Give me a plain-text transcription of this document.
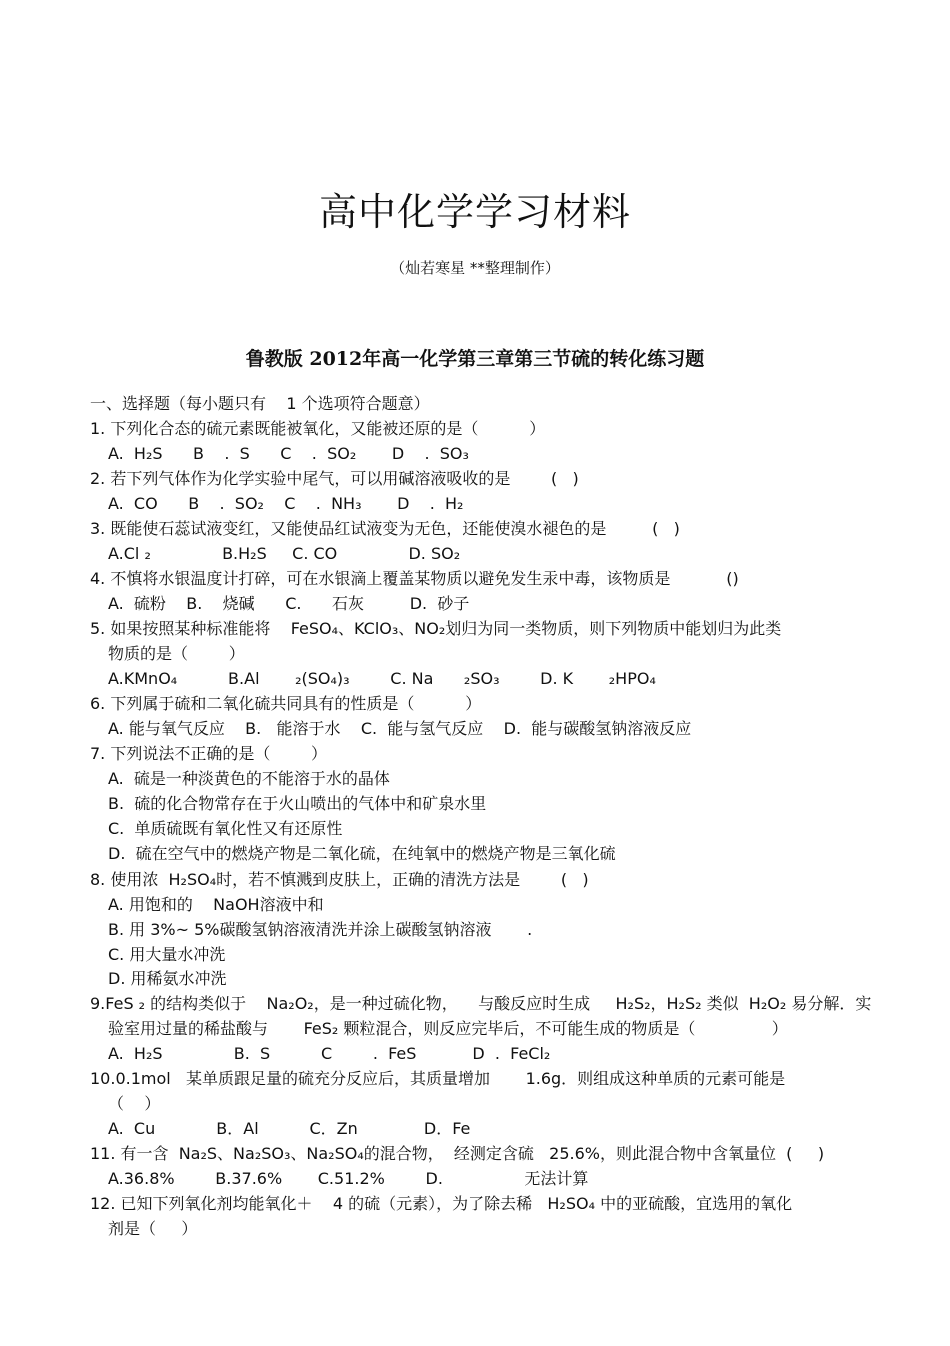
高中化学学习材料
（灿若寒星 **整理制作）
鲁教版 2012年高一化学第三章第三节硫的转化练习题
一、选择题（每小题只有    1 个选项符合题意）
1. 下列化合态的硫元素既能被氧化，又能被还原的是（          ）
A.  H₂S      B    .  S      C    .  SO₂       D    .  SO₃
2. 若下列气体作为化学实验中尾气，可以用碱溶液吸收的是        (   )
A.  CO      B    .  SO₂    C    .  NH₃       D    .  H₂
3. 既能使石蕊试液变红，又能使品红试液变为无色，还能使溴水褪色的是         (   )
A.Cl ₂              B.H₂S     C. CO              D. SO₂
4. 不慎将水银温度计打碎，可在水银滴上覆盖某物质以避免发生汞中毒，该物质是           ()
A.  硫粉    B.    烧碱      C.      石灰         D.  砂子
5. 如果按照某种标准能将    FeSO₄、KClO₃、NO₂划归为同一类物质，则下列物质中能划归为此类
物质的是（        ）
A.KMnO₄          B.Al       ₂(SO₄)₃        C. Na      ₂SO₃        D. K       ₂HPO₄
6. 下列属于硫和二氧化硫共同具有的性质是（          ）
A. 能与氧气反应    B.   能溶于水    C.  能与氢气反应    D.  能与碳酸氢钠溶液反应
7. 下列说法不正确的是（        ）
A.  硫是一种淡黄色的不能溶于水的晶体
B.  硫的化合物常存在于火山喷出的气体中和矿泉水里
C.  单质硫既有氧化性又有还原性
D.  硫在空气中的燃烧产物是二氧化硫，在纯氧中的燃烧产物是三氧化硫
8. 使用浓  H₂SO₄时，若不慎溅到皮肤上，正确的清洗方法是        (   )
A. 用饱和的    NaOH溶液中和
B. 用 3%~ 5%碳酸氢钠溶液清洗并涂上碳酸氢钠溶液       .
C. 用大量水冲洗
D. 用稀氨水冲洗
9.FeS ₂ 的结构类似于    Na₂O₂，是一种过硫化物，    与酸反应时生成     H₂S₂，H₂S₂ 类似  H₂O₂ 易分解．实
验室用过量的稀盐酸与       FeS₂ 颗粒混合，则反应完毕后，不可能生成的物质是（               ）
A.  H₂S              B.  S          C        .  FeS           D  .  FeCl₂
10.0.1mol   某单质跟足量的硫充分反应后，其质量增加       1.6g．则组成这种单质的元素可能是
（    ）
A.  Cu            B．Al          C．Zn             D．Fe
11. 有一含  Na₂S、Na₂SO₃、Na₂SO₄的混合物，  经测定含硫   25.6%，则此混合物中含氧量位  (     )
A.36.8%        B.37.6%       C.51.2%        D.                无法计算
12. 已知下列氧化剂均能氧化＋    4 的硫（元素），为了除去稀   H₂SO₄ 中的亚硫酸，宜选用的氧化
剂是（     ）
